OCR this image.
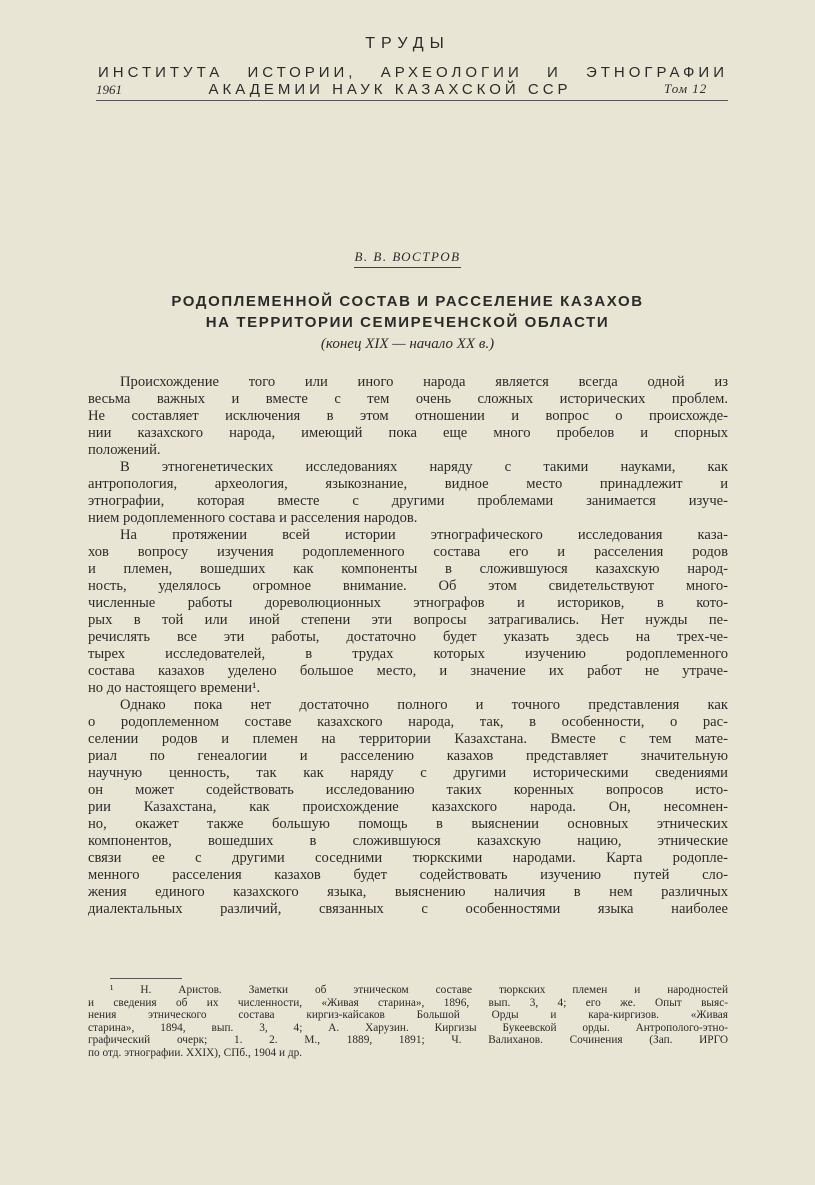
ТРУДЫ
ИНСТИТУТА ИСТОРИИ, АРХЕОЛОГИИ И ЭТНОГРАФИИ
1961	АКАДЕМИИ НАУК КАЗАХСКОЙ ССР	Том 12
В. В. ВОСТРОВ
РОДОПЛЕМЕННОЙ СОСТАВ И РАССЕЛЕНИЕ КАЗАХОВ
НА ТЕРРИТОРИИ СЕМИРЕЧЕНСКОЙ ОБЛАСТИ
(конец XIX — начало XX в.)
Происхождение того или иного народа является всегда одной из
весьма важных и вместе с тем очень сложных исторических проблем.
Не составляет исключения в этом отношении и вопрос о происхожде-
нии казахского народа, имеющий пока еще много пробелов и спорных
положений.
В этногенетических исследованиях наряду с такими науками, как
антропология, археология, языкознание, видное место принадлежит и
этнографии, которая вместе с другими проблемами занимается изуче-
нием родоплеменного состава и расселения народов.
На протяжении всей истории этнографического исследования каза-
хов вопросу изучения родоплеменного состава его и расселения родов
и племен, вошедших как компоненты в сложившуюся казахскую народ-
ность, уделялось огромное внимание. Об этом свидетельствуют много-
численные работы дореволюционных этнографов и историков, в кото-
рых в той или иной степени эти вопросы затрагивались. Нет нужды пе-
речислять все эти работы, достаточно будет указать здесь на трех-че-
тырех исследователей, в трудах которых изучению родоплеменного
состава казахов уделено большое место, и значение их работ не утраче-
но до настоящего времени¹.
Однако пока нет достаточно полного и точного представления как
о родоплеменном составе казахского народа, так, в особенности, о рас-
селении родов и племен на территории Казахстана. Вместе с тем мате-
риал по генеалогии и расселению казахов представляет значительную
научную ценность, так как наряду с другими историческими сведениями
он может содействовать исследованию таких коренных вопросов исто-
рии Казахстана, как происхождение казахского народа. Он, несомнен-
но, окажет также большую помощь в выяснении основных этнических
компонентов, вошедших в сложившуюся казахскую нацию, этнические
связи ее с другими соседними тюркскими народами. Карта родопле-
менного расселения казахов будет содействовать изучению путей сло-
жения единого казахского языка, выяснению наличия в нем различных
диалектальных различий, связанных с особенностями языка наиболее
¹ Н. Аристов. Заметки об этническом составе тюркских племен и народностей
и сведения об их численности, «Живая старина», 1896, вып. 3, 4; его же. Опыт выяс-
нения этнического состава киргиз-кайсаков Большой Орды и кара-киргизов. «Живая
старина», 1894, вып. 3, 4; А. Харузин. Киргизы Букеевской орды. Антрополого-этно-
графический очерк; 1. 2. М., 1889, 1891; Ч. Валиханов. Сочинения (Зап. ИРГО
по отд. этнографии. XXIX), СПб., 1904 и др.
